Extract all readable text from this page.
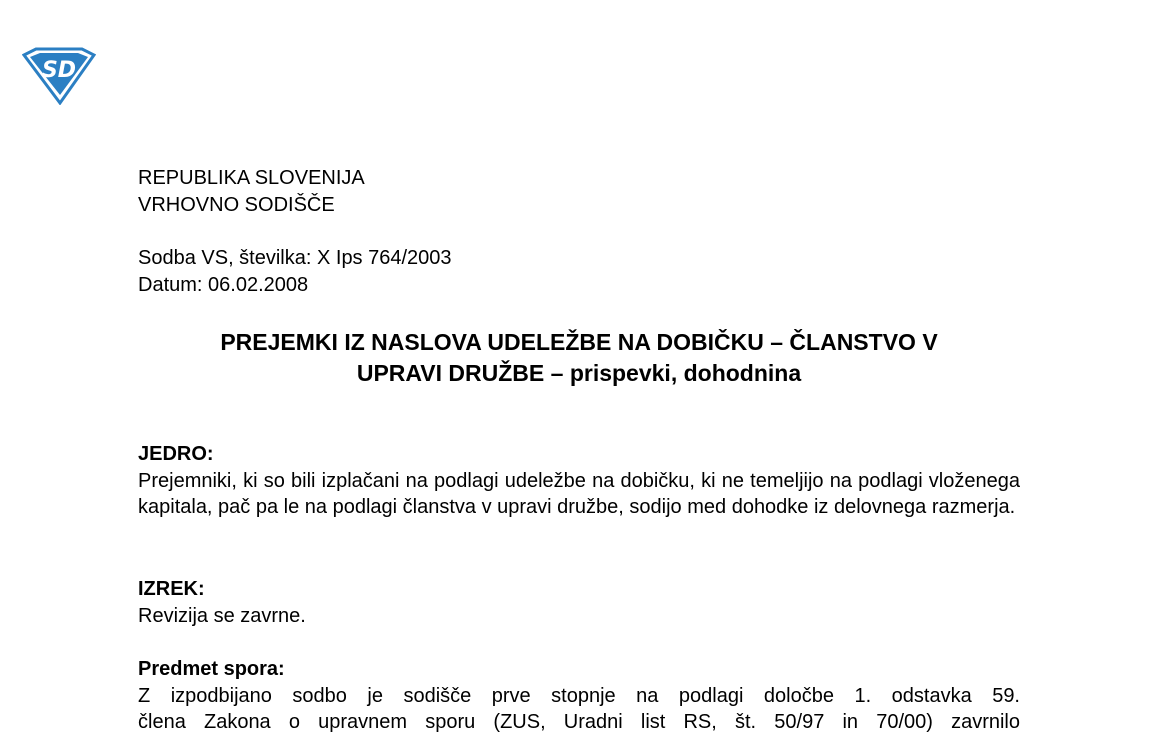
SD
REPUBLIKA SLOVENIJA
VRHOVNO SODIŠČE
Sodba VS, številka: X Ips 764/2003
Datum: 06.02.2008
PREJEMKI IZ NASLOVA UDELEŽBE NA DOBIČKU – ČLANSTVO V
UPRAVI DRUŽBE – prispevki, dohodnina
JEDRO:
Prejemniki, ki so bili izplačani na podlagi udeležbe na dobičku, ki ne temeljijo na podlagi vloženega kapitala, pač pa le na podlagi članstva v upravi družbe, sodijo med dohodke iz delovnega razmerja.
IZREK:
Revizija se zavrne.
Predmet spora:
Z izpodbijano sodbo je sodišče prve stopnje na podlagi določbe 1. odstavka 59.
člena Zakona o upravnem sporu (ZUS, Uradni list RS, št. 50/97 in 70/00) zavrnilo
